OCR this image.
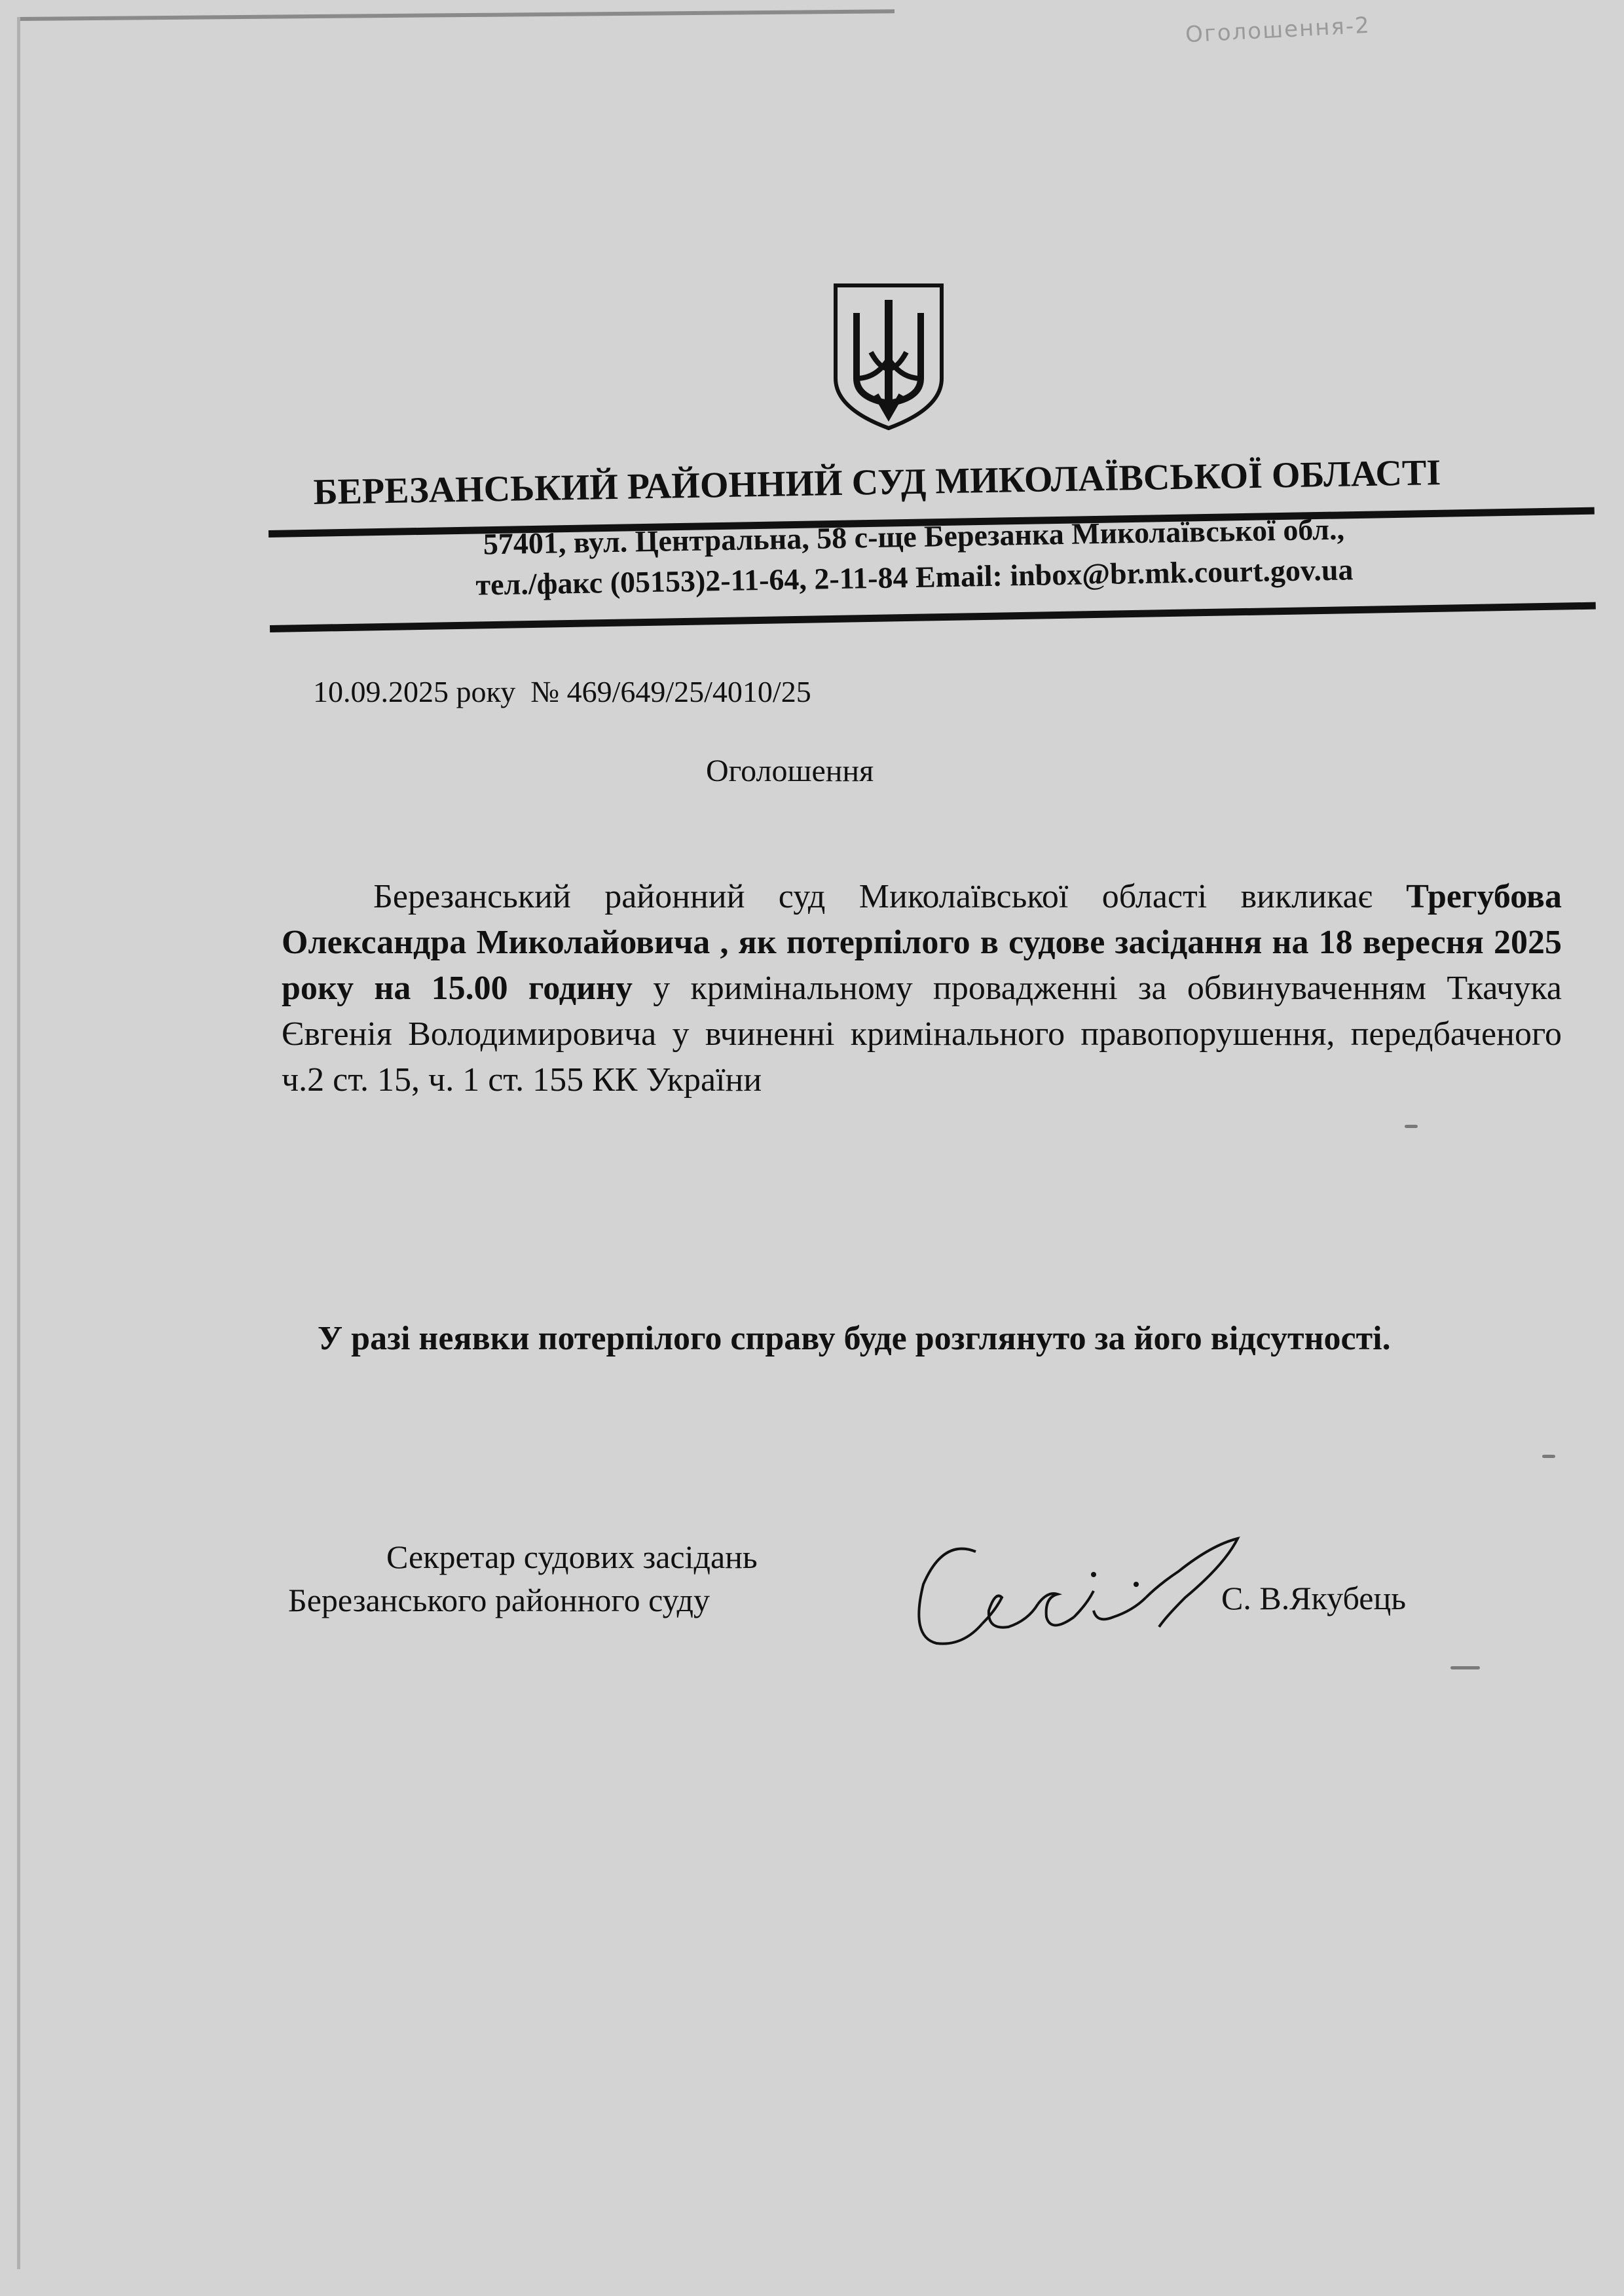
Оголошення-2
БЕРЕЗАНСЬКИЙ РАЙОННИЙ СУД МИКОЛАЇВСЬКОЇ ОБЛАСТІ
57401, вул. Центральна, 58 с-ще Березанка Миколаївської обл.,
тел./факс (05153)2-11-64, 2-11-84 Email: inbox@br.mk.court.gov.ua
10.09.2025 року № 469/649/25/4010/25
Оголошення
Березанський районний суд Миколаївської області викликає Трегубова Олександра Миколайовича , як потерпілого в судове засідання на 18 вересня 2025 року на 15.00 годину у кримінальному провадженні за обвинуваченням Ткачука Євгенія Володимировича у вчиненні кримінального правопорушення, передбаченого ч.2 ст. 15, ч. 1 ст. 155 КК України
У разі неявки потерпілого справу буде розглянуто за його відсутності.
Секретар судових засідань
Березанського районного суду	С. В.Якубець
